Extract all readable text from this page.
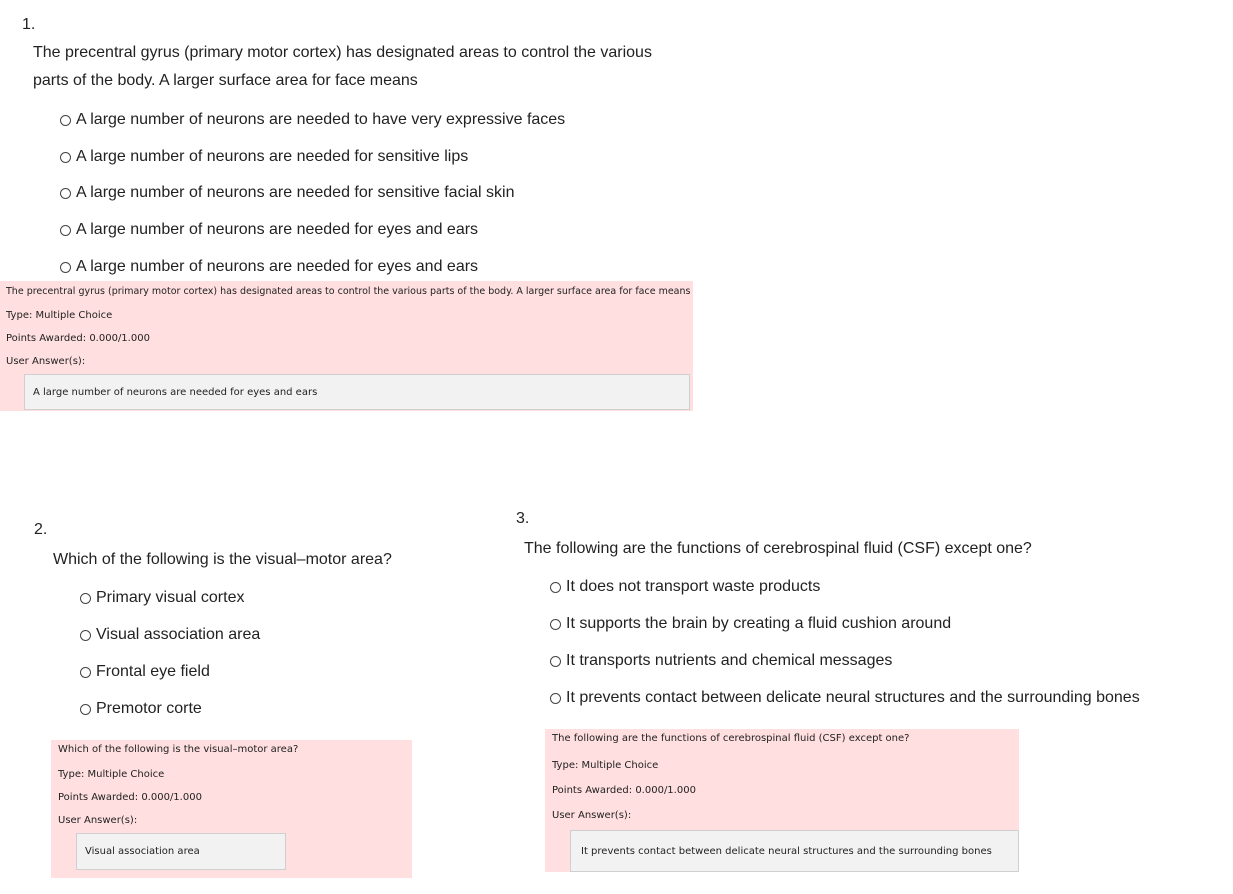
1.
The precentral gyrus (primary motor cortex) has designated areas to control the various
parts of the body. A larger surface area for face means
A large number of neurons are needed to have very expressive faces
A large number of neurons are needed for sensitive lips
A large number of neurons are needed for sensitive facial skin
A large number of neurons are needed for eyes and ears
A large number of neurons are needed for eyes and ears
The precentral gyrus (primary motor cortex) has designated areas to control the various parts of the body. A larger surface area for face means
Type: Multiple Choice
Points Awarded: 0.000/1.000
User Answer(s):
A large number of neurons are needed for eyes and ears
2.
Which of the following is the visual–motor area?
Primary visual cortex
Visual association area
Frontal eye field
Premotor corte
Which of the following is the visual–motor area?
Type: Multiple Choice
Points Awarded: 0.000/1.000
User Answer(s):
Visual association area
3.
The following are the functions of cerebrospinal fluid (CSF) except one?
It does not transport waste products
It supports the brain by creating a fluid cushion around
It transports nutrients and chemical messages
It prevents contact between delicate neural structures and the surrounding bones
The following are the functions of cerebrospinal fluid (CSF) except one?
Type: Multiple Choice
Points Awarded: 0.000/1.000
User Answer(s):
It prevents contact between delicate neural structures and the surrounding bones
